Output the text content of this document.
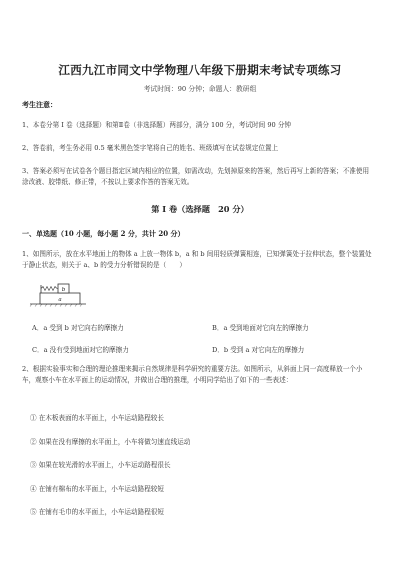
江西九江市同文中学物理八年级下册期末考试专项练习
考试时间：90 分钟；命题人：教研组
考生注意：
1、本卷分第 I 卷（选择题）和第Ⅱ卷（非选择题）两部分，满分 100 分，考试时间 90 分钟
2、答卷前，考生务必用 0.5 毫米黑色签字笔将自己的姓名、班级填写在试卷规定位置上
3、答案必须写在试卷各个题目指定区域内相应的位置，如需改动，先划掉原来的答案，然后再写上新的答案；不准使用涂改液、胶带纸、修正带，不按以上要求作答的答案无效。
第 I 卷（选择题　20 分）
一、单选题（10 小题，每小题 2 分，共计 20 分）
1、如图所示，放在水平地面上的物体 a 上放一物体 b，a 和 b 间用轻质弹簧相连，已知弹簧处于拉伸状态，整个装置处于静止状态，则关于 a、b 的受力分析错误的是（　　）
b
a
A．a 受到 b 对它向右的摩擦力	B．a 受到地面对它向左的摩擦力
C．a 没有受到地面对它的摩擦力	D．b 受到 a 对它向左的摩擦力
2、根据实验事实和合理的理论推理来揭示自然规律是科学研究的重要方法。如图所示，从斜面上同一高度释放一个小车，观察小车在水平面上的运动情况，并做出合理的推理，小明同学给出了如下的一些表述：
① 在木板表面的水平面上，小车运动路程较长
② 如果在没有摩擦的水平面上，小车将做匀速直线运动
③ 如果在较光滑的水平面上，小车运动路程很长
④ 在铺有棉布的水平面上，小车运动路程较短
⑤ 在铺有毛巾的水平面上，小车运动路程很短
